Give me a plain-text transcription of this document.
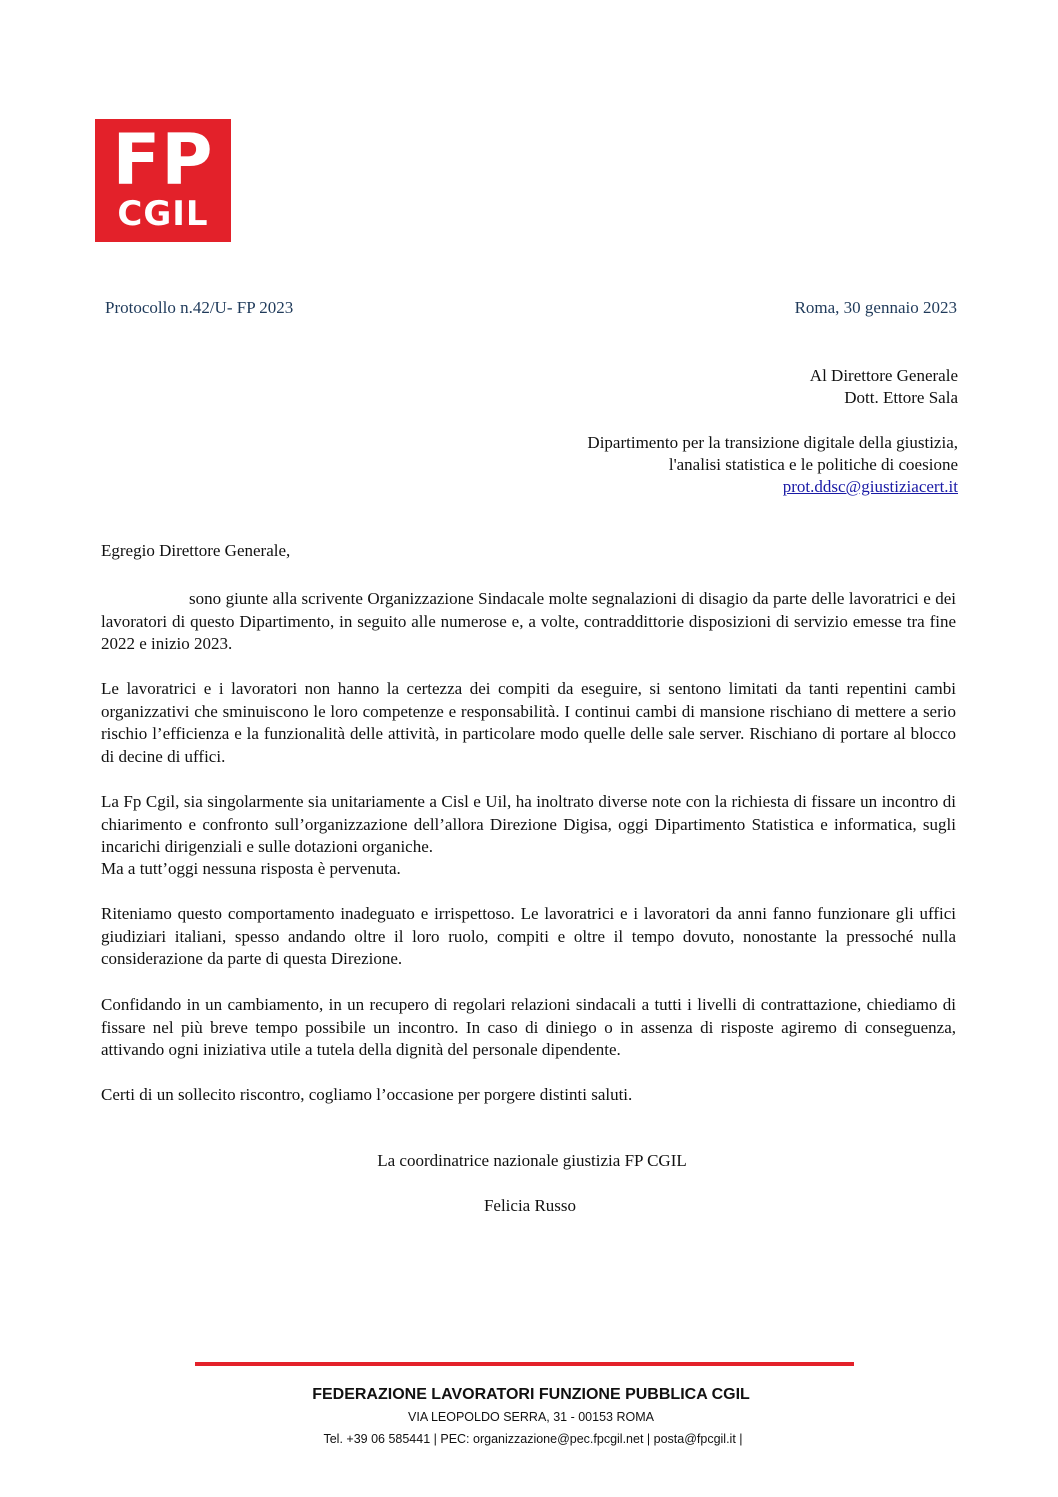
FP
CGIL
Protocollo n.42/U- FP 2023	Roma, 30 gennaio 2023
Al Direttore Generale
Dott. Ettore Sala
Dipartimento per la transizione digitale della giustizia,
l'analisi statistica e le politiche di coesione
prot.ddsc@giustiziacert.it
Egregio Direttore Generale,
sono giunte alla scrivente Organizzazione Sindacale molte segnalazioni di disagio da parte delle lavoratrici e dei lavoratori di questo Dipartimento, in seguito alle numerose e, a volte, contraddittorie disposizioni di servizio emesse tra fine 2022 e inizio 2023.
Le lavoratrici e i lavoratori non hanno la certezza dei compiti da eseguire, si sentono limitati da tanti repentini cambi organizzativi che sminuiscono le loro competenze e responsabilità. I continui cambi di mansione rischiano di mettere a serio rischio l’efficienza e la funzionalità delle attività, in particolare modo quelle delle sale server. Rischiano di portare al blocco di decine di uffici.
La Fp Cgil, sia singolarmente sia unitariamente a Cisl e Uil, ha inoltrato diverse note con la richiesta di fissare un incontro di chiarimento e confronto sull’organizzazione dell’allora Direzione Digisa, oggi Dipartimento Statistica e informatica, sugli incarichi dirigenziali e sulle dotazioni organiche.
Ma a tutt’oggi nessuna risposta è pervenuta.
Riteniamo questo comportamento inadeguato e irrispettoso. Le lavoratrici e i lavoratori da anni fanno funzionare gli uffici giudiziari italiani, spesso andando oltre il loro ruolo, compiti e oltre il tempo dovuto, nonostante la pressoché nulla considerazione da parte di questa Direzione.
Confidando in un cambiamento, in un recupero di regolari relazioni sindacali a tutti i livelli di contrattazione, chiediamo di fissare nel più breve tempo possibile un incontro. In caso di diniego o in assenza di risposte agiremo di conseguenza, attivando ogni iniziativa utile a tutela della dignità del personale dipendente.
Certi di un sollecito riscontro, cogliamo l’occasione per porgere distinti saluti.
La coordinatrice nazionale giustizia FP CGIL
Felicia Russo
FEDERAZIONE LAVORATORI FUNZIONE PUBBLICA CGIL
VIA LEOPOLDO SERRA, 31 - 00153 ROMA
Tel. +39 06 585441 | PEC: organizzazione@pec.fpcgil.net | posta@fpcgil.it |
